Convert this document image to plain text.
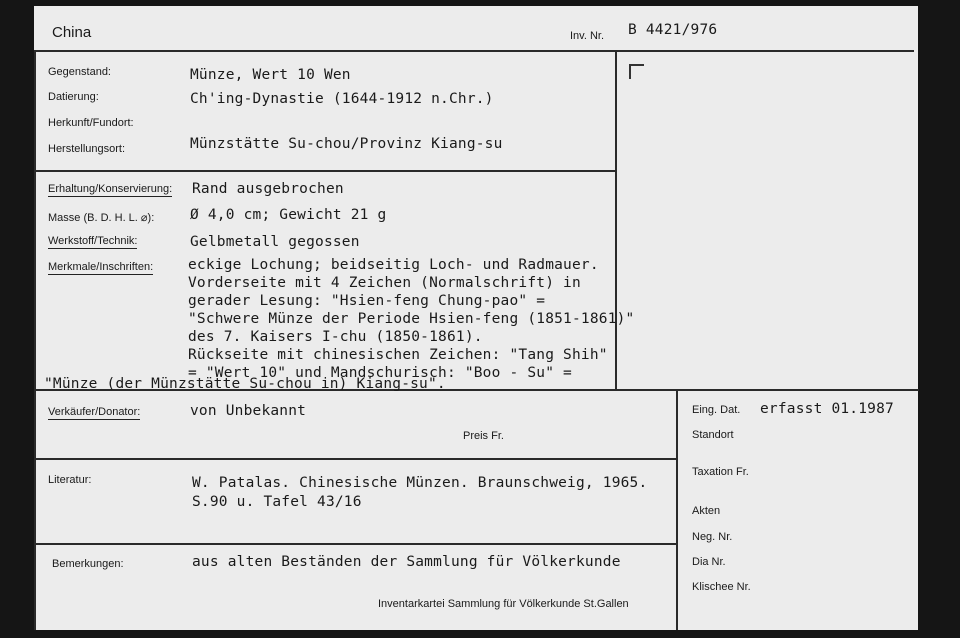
China	Inv. Nr. B 4421/976
Gegenstand:	Münze, Wert 10 Wen
Datierung:	Ch'ing-Dynastie (1644-1912 n.Chr.)
Herkunft/Fundort:
Herstellungsort:	Münzstätte Su-chou/Provinz Kiang-su
Erhaltung/Konservierung: Rand ausgebrochen
Masse (B. D. H. L. ⌀): Ø 4,0 cm; Gewicht 21 g
Werkstoff/Technik:	Gelbmetall gegossen
Merkmale/Inschriften: eckige Lochung; beidseitig Loch- und Radmauer.
Vorderseite mit 4 Zeichen (Normalschrift) in
gerader Lesung: "Hsien-feng Chung-pao" =
"Schwere Münze der Periode Hsien-feng (1851-1861)"
des 7. Kaisers I-chu (1850-1861).
Rückseite mit chinesischen Zeichen: "Tang Shih"
= "Wert 10" und Mandschurisch: "Boo - Su" =
"Münze (der Münzstätte Su-chou in) Kiang-su".
Verkäufer/Donator:	von Unbekannt
Preis Fr.
Literatur:	W. Patalas. Chinesische Münzen. Braunschweig, 1965.
S.90 u. Tafel 43/16
Bemerkungen:	aus alten Beständen der Sammlung für Völkerkunde
Inventarkartei Sammlung für Völkerkunde St.Gallen
Eing. Dat. erfasst 01.1987
Standort
Taxation Fr.
Akten
Neg. Nr.
Dia Nr.
Klischee Nr.
